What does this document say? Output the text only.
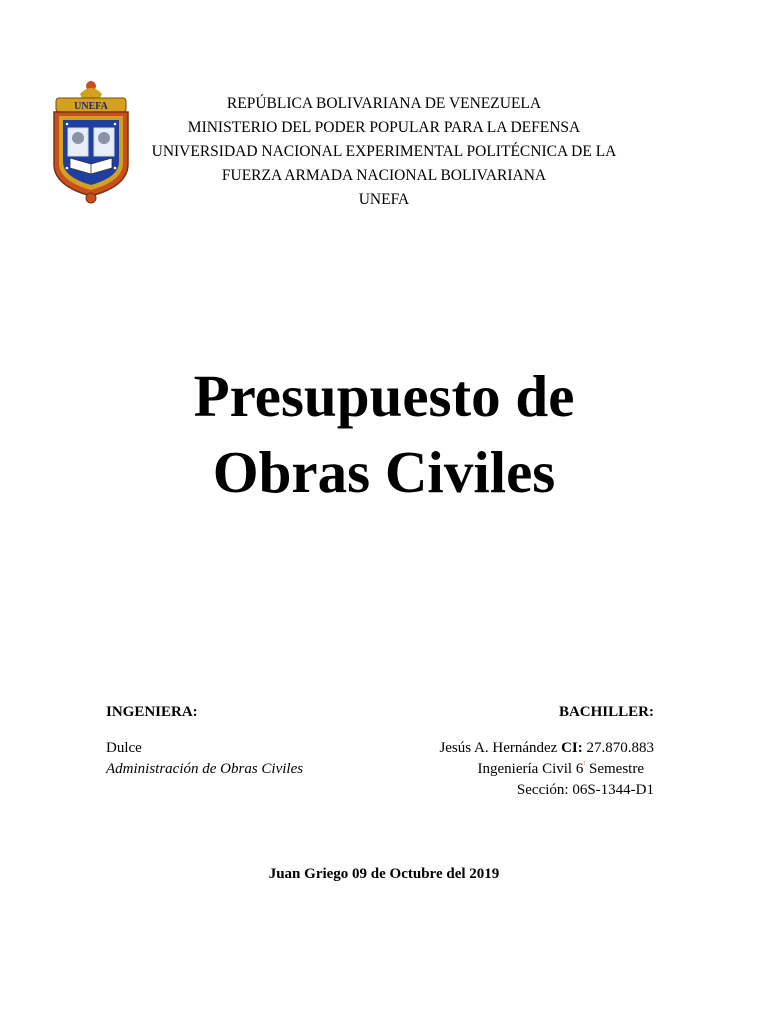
UNEFA	REPÚBLICA BOLIVARIANA DE VENEZUELA
MINISTERIO DEL PODER POPULAR PARA LA DEFENSA
UNIVERSIDAD NACIONAL EXPERIMENTAL POLITÉCNICA DE LA
FUERZA ARMADA NACIONAL BOLIVARIANA
UNEFA
Presupuesto de
Obras Civiles
INGENIERA:	BACHILLER:
Dulce
Administración de Obras Civiles
Jesús A. Hernández CI: 27.870.883
Ingeniería Civil $6^ᵗ$ Semestre
Sección: 06S-1344-D1
Juan Griego 09 de Octubre del 2019
